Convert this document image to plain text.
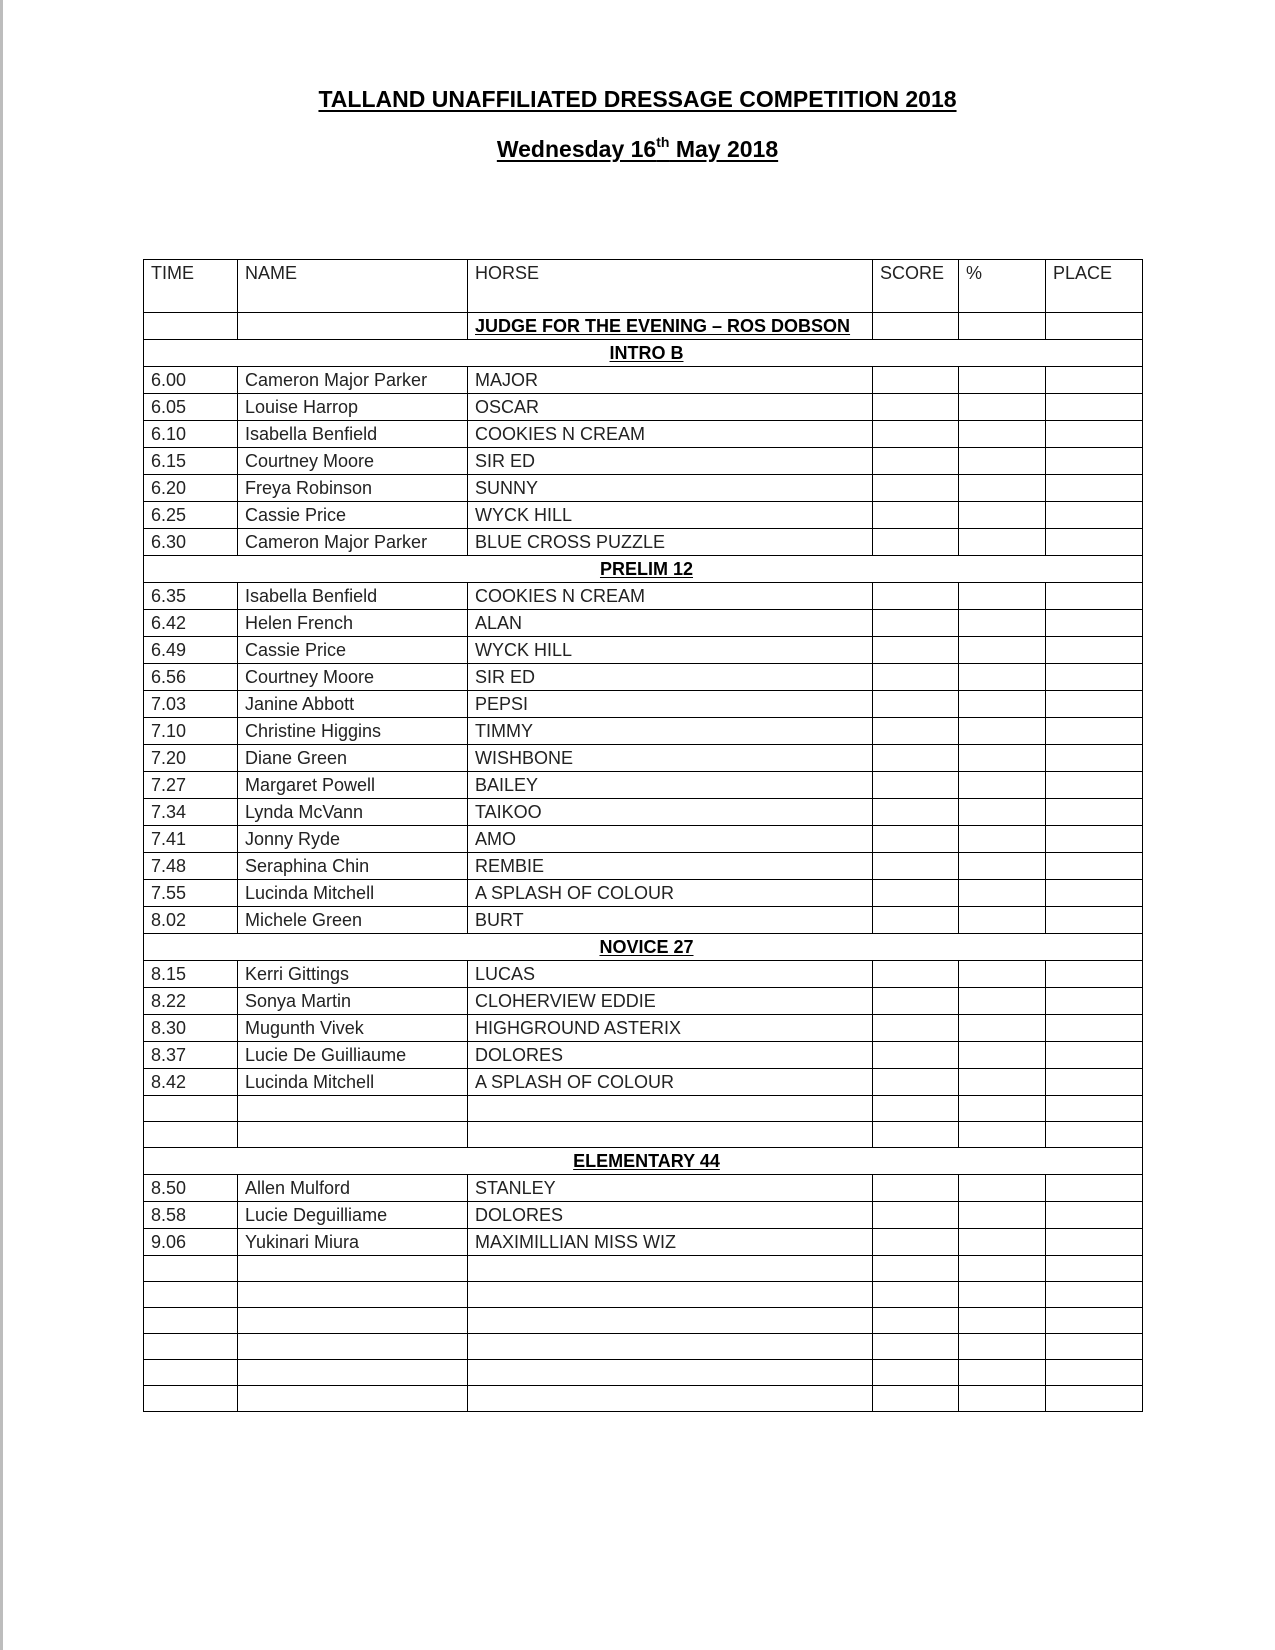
TALLAND UNAFFILIATED DRESSAGE COMPETITION 2018
Wednesday 16th May 2018
TIME	NAME	HORSE	SCORE	%	PLACE
		JUDGE FOR THE EVENING – ROS DOBSON			
INTRO B					
6.00	Cameron Major Parker	MAJOR			
6.05	Louise Harrop	OSCAR			
6.10	Isabella Benfield	COOKIES N CREAM			
6.15	Courtney Moore	SIR ED			
6.20	Freya Robinson	SUNNY			
6.25	Cassie Price	WYCK HILL			
6.30	Cameron Major Parker	BLUE CROSS PUZZLE			
PRELIM 12					
6.35	Isabella Benfield	COOKIES N CREAM			
6.42	Helen French	ALAN			
6.49	Cassie Price	WYCK HILL			
6.56	Courtney Moore	SIR ED			
7.03	Janine Abbott	PEPSI			
7.10	Christine Higgins	TIMMY			
7.20	Diane Green	WISHBONE			
7.27	Margaret Powell	BAILEY			
7.34	Lynda McVann	TAIKOO			
7.41	Jonny Ryde	AMO			
7.48	Seraphina Chin	REMBIE			
7.55	Lucinda Mitchell	A SPLASH OF COLOUR			
8.02	Michele Green	BURT			
NOVICE 27					
8.15	Kerri Gittings	LUCAS			
8.22	Sonya Martin	CLOHERVIEW EDDIE			
8.30	Mugunth Vivek	HIGHGROUND ASTERIX			
8.37	Lucie De Guilliaume	DOLORES			
8.42	Lucinda Mitchell	A SPLASH OF COLOUR			

ELEMENTARY 44					
8.50	Allen Mulford	STANLEY			
8.58	Lucie Deguilliame	DOLORES			
9.06	Yukinari Miura	MAXIMILLIAN MISS WIZ			
